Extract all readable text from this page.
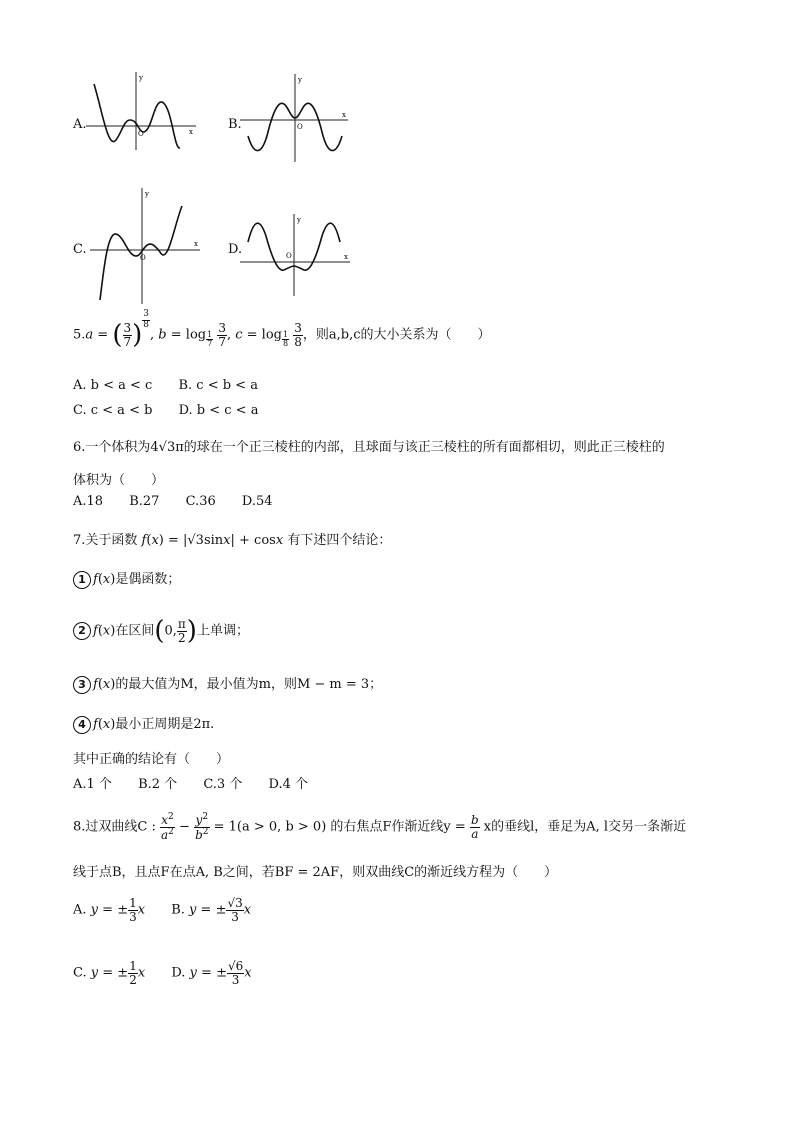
A.
y
x
O
B.
y
x
O
C.
y
x
O
D.
y
x
O
5.a = ( $\frac{3}{7}$ ) $^{\frac{3}{8}}$
, b = log $_{\frac{1}{7}}$
$\frac{3}{7}$ , c = log $_{\frac{1}{8}}$
$\frac{3}{8}$ ，则a,b,c的大小关系为（　　）
A. b < a < c B. c < b < a
C. c < a < b D. b < c < a
6.一个体积为4√3π的球在一个正三棱柱的内部，且球面与该正三棱柱的所有面都相切，则此正三棱柱的
体积为（　　）
A.18 B.27 C.36 D.54
7.关于函数 f(x) = |√3sinx| + cosx 有下述四个结论：
1 f(x)是偶函数；
2 f(x)在区间(0, $\frac{\pi}{2}$ )上单调；
3 f(x)的最大值为M，最小值为m，则M − m = 3；
4 f(x)最小正周期是2π.
其中正确的结论有（　　）
A.1 个 B.2 个 C.3 个 D.4 个
8.过双曲线C : $\frac{x^2}{a^2} - \frac{y^2}{b^2} = 1(a > 0$, b > 0) 的右焦点F作渐近线$y = \frac{b}{a}$ x的垂线l，垂足为A, l交另一条渐近
线于点B，且点F在点A, B之间，若BF = 2AF，则双曲线C的渐近线方程为（　　）
A. y = ± $\frac{1}{3}$ x B. y = ± $\frac{√3}{3}$ x
C. y = ± $\frac{1}{2}$ x D. y = ± $\frac{√6}{3}$ x
